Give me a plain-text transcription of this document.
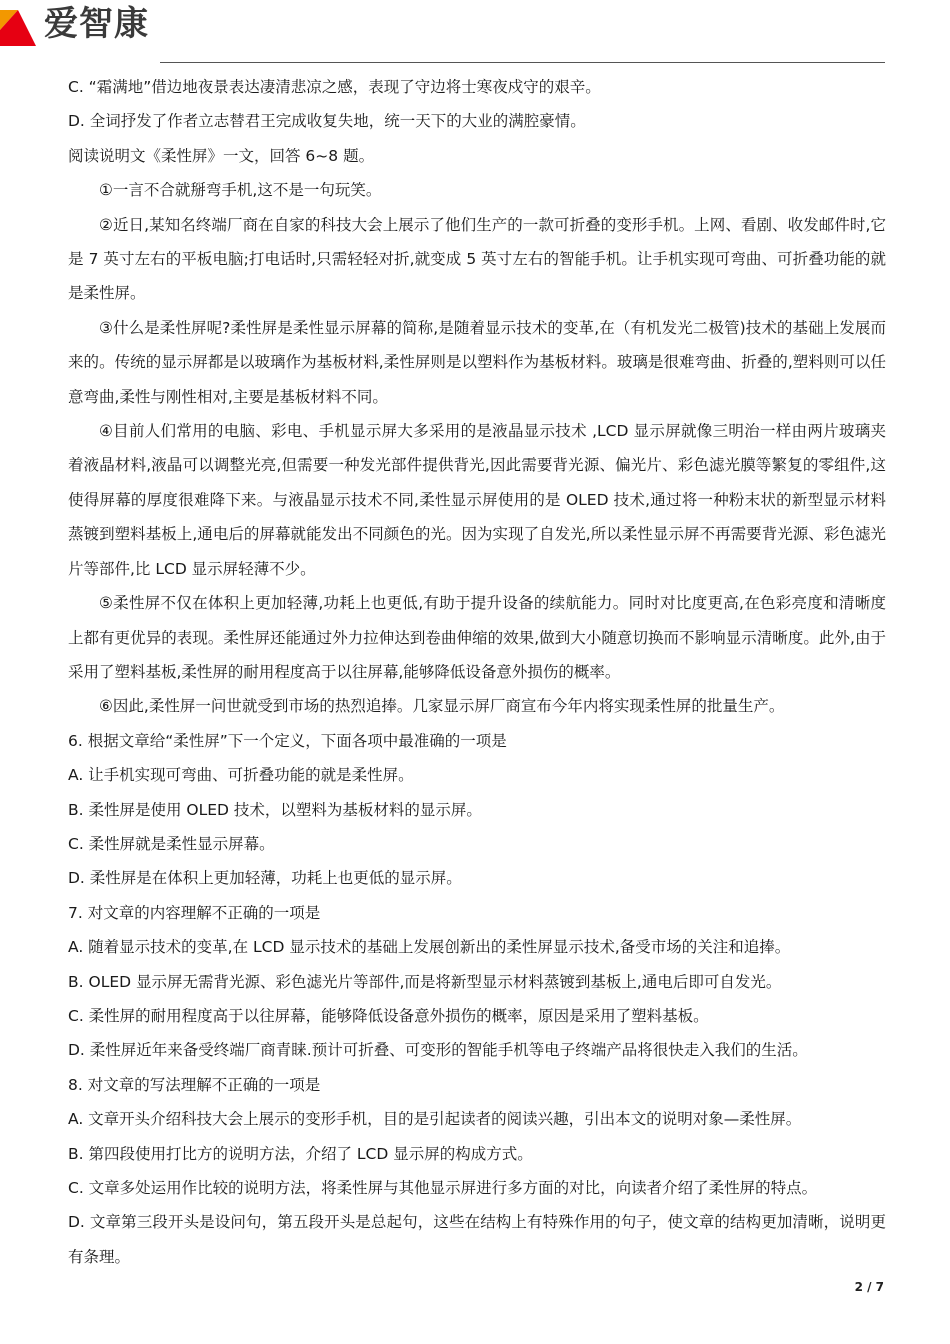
爱智康
C. “霜满地”借边地夜景表达凄清悲凉之感，表现了守边将士寒夜戍守的艰辛。
D. 全词抒发了作者立志替君王完成收复失地，统一天下的大业的满腔豪情。
阅读说明文《柔性屏》一文，回答 6~8 题。
①一言不合就掰弯手机,这不是一句玩笑。
②近日,某知名终端厂商在自家的科技大会上展示了他们生产的一款可折叠的变形手机。上网、看剧、收发邮件时,它是 7 英寸左右的平板电脑;打电话时,只需轻轻对折,就变成 5 英寸左右的智能手机。让手机实现可弯曲、可折叠功能的就是柔性屏。
③什么是柔性屏呢?柔性屏是柔性显示屏幕的简称,是随着显示技术的变革,在（有机发光二极管)技术的基础上发展而来的。传统的显示屏都是以玻璃作为基板材料,柔性屏则是以塑料作为基板材料。玻璃是很难弯曲、折叠的,塑料则可以任意弯曲,柔性与刚性相对,主要是基板材料不同。
④目前人们常用的电脑、彩电、手机显示屏大多采用的是液晶显示技术 ,LCD 显示屏就像三明治一样由两片玻璃夹着液晶材料,液晶可以调整光亮,但需要一种发光部件提供背光,因此需要背光源、偏光片、彩色滤光膜等繁复的零组件,这使得屏幕的厚度很难降下来。与液晶显示技术不同,柔性显示屏使用的是 OLED 技术,通过将一种粉末状的新型显示材料蒸镀到塑料基板上,通电后的屏幕就能发出不同颜色的光。因为实现了自发光,所以柔性显示屏不再需要背光源、彩色滤光片等部件,比 LCD 显示屏轻薄不少。
⑤柔性屏不仅在体积上更加轻薄,功耗上也更低,有助于提升设备的续航能力。同时对比度更高,在色彩亮度和清晰度上都有更优异的表现。柔性屏还能通过外力拉伸达到卷曲伸缩的效果,做到大小随意切换而不影响显示清晰度。此外,由于采用了塑料基板,柔性屏的耐用程度高于以往屏幕,能够降低设备意外损伤的概率。
⑥因此,柔性屏一问世就受到市场的热烈追捧。几家显示屏厂商宣布今年内将实现柔性屏的批量生产。
6. 根据文章给“柔性屏”下一个定义，下面各项中最准确的一项是
A. 让手机实现可弯曲、可折叠功能的就是柔性屏。
B. 柔性屏是使用 OLED 技术，以塑料为基板材料的显示屏。
C. 柔性屏就是柔性显示屏幕。
D. 柔性屏是在体积上更加轻薄，功耗上也更低的显示屏。
7. 对文章的内容理解不正确的一项是
A. 随着显示技术的变革,在 LCD 显示技术的基础上发展创新出的柔性屏显示技术,备受市场的关注和追捧。
B. OLED 显示屏无需背光源、彩色滤光片等部件,而是将新型显示材料蒸镀到基板上,通电后即可自发光。
C. 柔性屏的耐用程度高于以往屏幕，能够降低设备意外损伤的概率，原因是采用了塑料基板。
D. 柔性屏近年来备受终端厂商青睐.预计可折叠、可变形的智能手机等电子终端产品将很快走入我们的生活。
8. 对文章的写法理解不正确的一项是
A. 文章开头介绍科技大会上展示的变形手机，目的是引起读者的阅读兴趣，引出本文的说明对象—柔性屏。
B. 第四段使用打比方的说明方法，介绍了 LCD 显示屏的构成方式。
C. 文章多处运用作比较的说明方法，将柔性屏与其他显示屏进行多方面的对比，向读者介绍了柔性屏的特点。
D. 文章第三段开头是设问句，第五段开头是总起句，这些在结构上有特殊作用的句子，使文章的结构更加清晰，说明更有条理。
2 / 7
